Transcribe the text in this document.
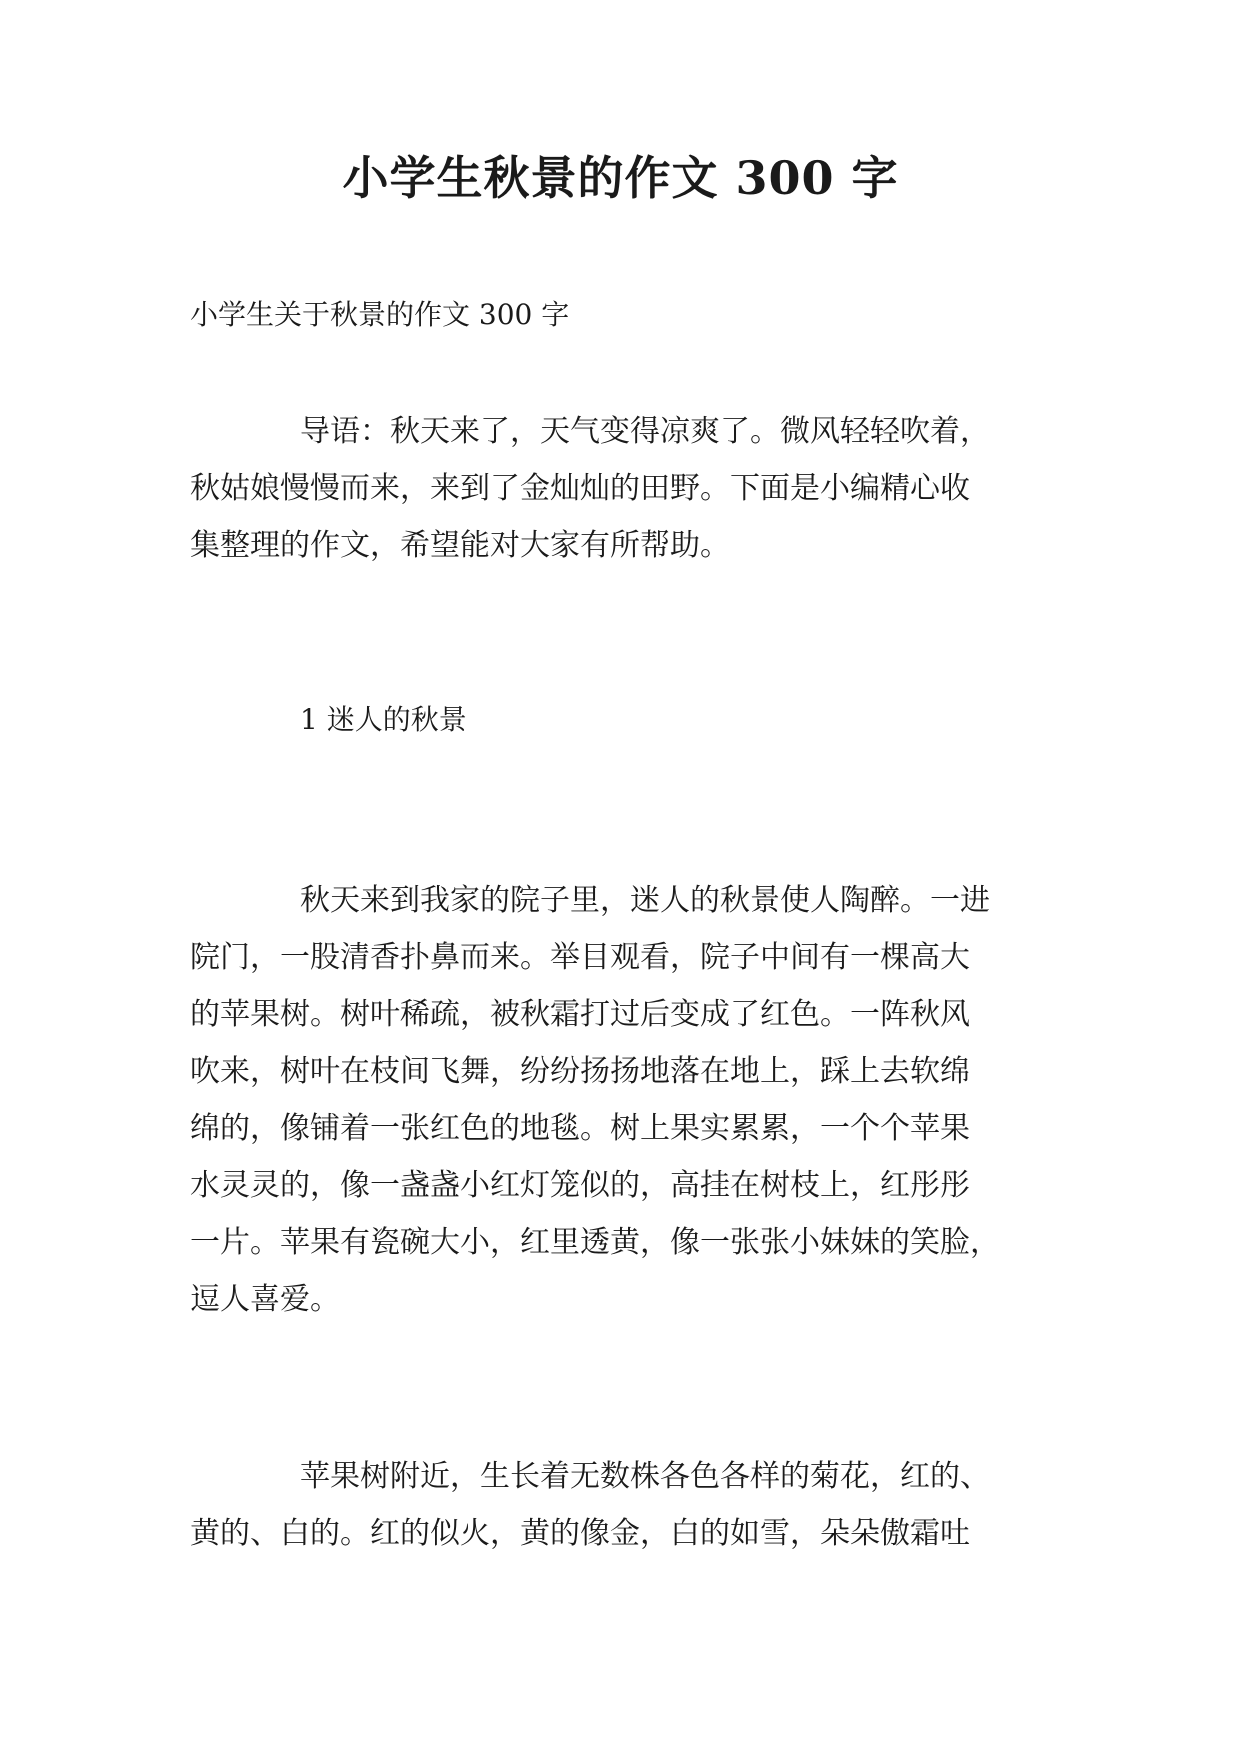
小学生秋景的作文 300 字
小学生关于秋景的作文 300 字
导语：秋天来了，天气变得凉爽了。微风轻轻吹着，
秋姑娘慢慢而来，来到了金灿灿的田野。下面是小编精心收
集整理的作文，希望能对大家有所帮助。
1 迷人的秋景
秋天来到我家的院子里，迷人的秋景使人陶醉。一进
院门，一股清香扑鼻而来。举目观看，院子中间有一棵高大
的苹果树。树叶稀疏，被秋霜打过后变成了红色。一阵秋风
吹来，树叶在枝间飞舞，纷纷扬扬地落在地上，踩上去软绵
绵的，像铺着一张红色的地毯。树上果实累累，一个个苹果
水灵灵的，像一盏盏小红灯笼似的，高挂在树枝上，红彤彤
一片。苹果有瓷碗大小，红里透黄，像一张张小妹妹的笑脸，
逗人喜爱。
苹果树附近，生长着无数株各色各样的菊花，红的、
黄的、白的。红的似火，黄的像金，白的如雪，朵朵傲霜吐
